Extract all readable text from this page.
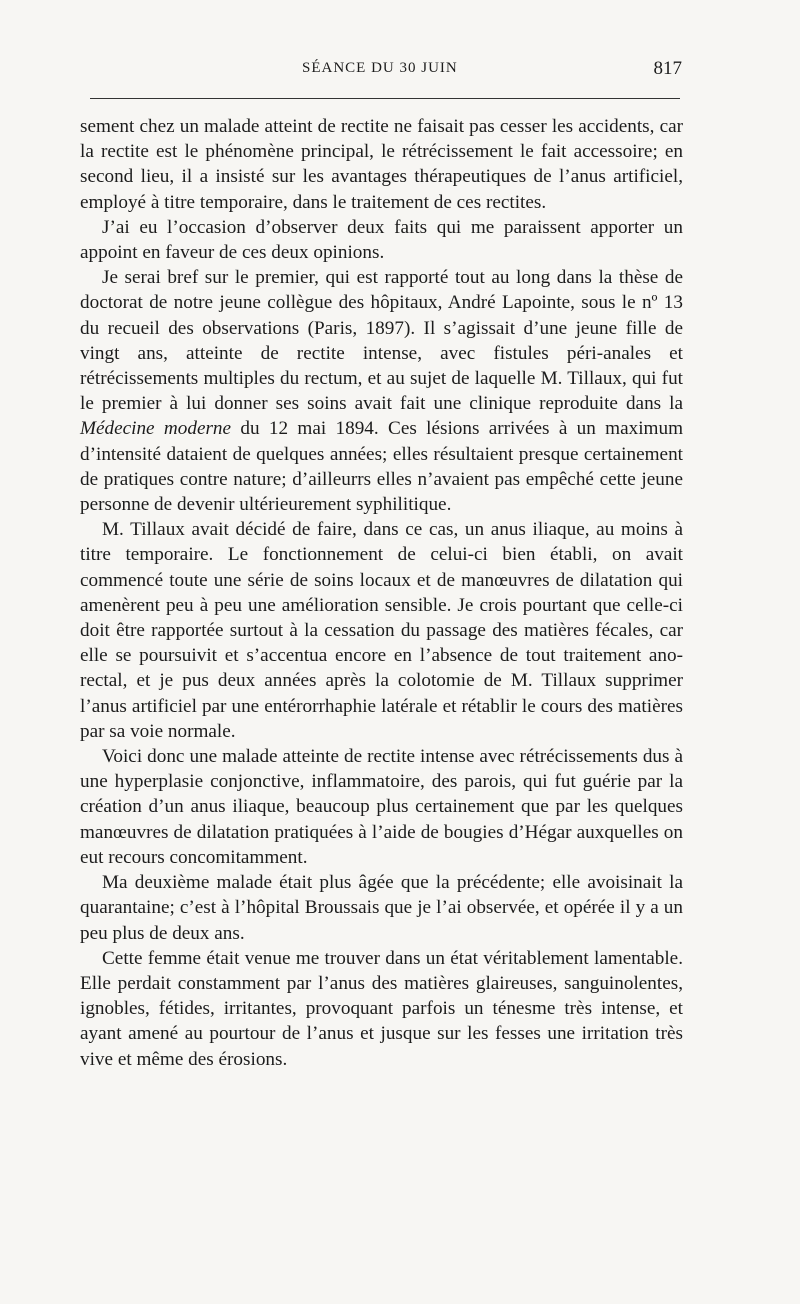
SÉANCE DU 30 JUIN	817

sement chez un malade atteint de rectite ne faisait pas cesser les accidents, car la rectite est le phénomène principal, le rétrécissement le fait accessoire; en second lieu, il a insisté sur les avantages thérapeutiques de l’anus artificiel, employé à titre temporaire, dans le traitement de ces rectites.

J’ai eu l’occasion d’observer deux faits qui me paraissent apporter un appoint en faveur de ces deux opinions.

Je serai bref sur le premier, qui est rapporté tout au long dans la thèse de doctorat de notre jeune collègue des hôpitaux, André Lapointe, sous le nº 13 du recueil des observations (Paris, 1897). Il s’agissait d’une jeune fille de vingt ans, atteinte de rectite intense, avec fistules péri-anales et rétrécissements multiples du rectum, et au sujet de laquelle M. Tillaux, qui fut le premier à lui donner ses soins avait fait une clinique reproduite dans la Médecine moderne du 12 mai 1894. Ces lésions arrivées à un maximum d’intensité dataient de quelques années; elles résultaient presque certainement de pratiques contre nature; d’ailleurrs elles n’avaient pas empêché cette jeune personne de devenir ultérieurement syphilitique.

M. Tillaux avait décidé de faire, dans ce cas, un anus iliaque, au moins à titre temporaire. Le fonctionnement de celui-ci bien établi, on avait commencé toute une série de soins locaux et de manœuvres de dilatation qui amenèrent peu à peu une amélioration sensible. Je crois pourtant que celle-ci doit être rapportée surtout à la cessation du passage des matières fécales, car elle se poursuivit et s’accentua encore en l’absence de tout traitement ano-rectal, et je pus deux années après la colotomie de M. Tillaux supprimer l’anus artificiel par une entérorrhaphie latérale et rétablir le cours des matières par sa voie normale.

Voici donc une malade atteinte de rectite intense avec rétrécissements dus à une hyperplasie conjonctive, inflammatoire, des parois, qui fut guérie par la création d’un anus iliaque, beaucoup plus certainement que par les quelques manœuvres de dilatation pratiquées à l’aide de bougies d’Hégar auxquelles on eut recours concomitamment.

Ma deuxième malade était plus âgée que la précédente; elle avoisinait la quarantaine; c’est à l’hôpital Broussais que je l’ai observée, et opérée il y a un peu plus de deux ans.

Cette femme était venue me trouver dans un état véritablement lamentable. Elle perdait constamment par l’anus des matières glaireuses, sanguinolentes, ignobles, fétides, irritantes, provoquant parfois un ténesme très intense, et ayant amené au pourtour de l’anus et jusque sur les fesses une irritation très vive et même des érosions.
